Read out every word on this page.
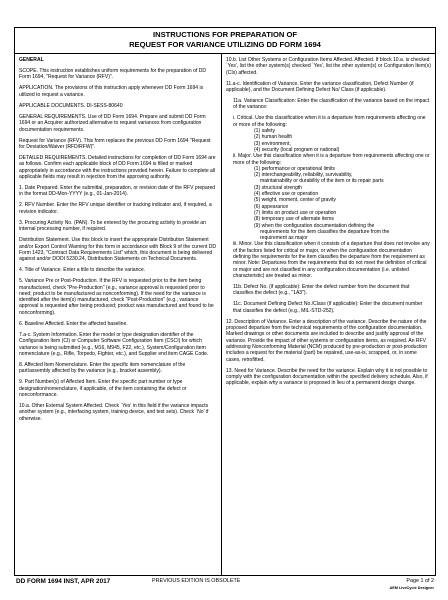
INSTRUCTIONS FOR PREPARATION OF
REQUEST FOR VARIANCE UTILIZING DD FORM 1694

GENERAL

SCOPE. This instruction establishes uniform requirements for the preparation of DD Form 1694, "Request for Variance (RFV)".

APPLICATION. The provisions of this instruction apply whenever DD Form 1694 is utilized to request a variance.

APPLICABLE DOCUMENTS. DI-SESS-80640

GENERAL REQUIREMENTS. Use of DD Form 1694. Prepare and submit DD Form 1694 or an Acquirer authorized alternative to request variances from configuration documentation requirements.

Request for Variance (RFV). This form replaces the previous DD Form 1694 "Request for Deviation/Waiver (RFD/RFW)".

DETAILED REQUIREMENTS. Detailed instructions for completion of DD Form 1694 are as follows. Confirm each applicable block of DD Form 1694 is filled or marked appropriately in accordance with the instructions provided herein. Failure to complete all applicable fields may result in rejection from the approving authority.

1. Date Prepared. Enter the submittal, preparation, or revision date of the RFV prepared in the format DD-Mon-YYYY (e.g., 01-Jan-2014).

2. RFV Number. Enter the RFV unique identifier or tracking indicator and, if required, a revision indicator.

3. Procuring Activity No. (PAN). To be entered by the procuring activity to provide an internal processing number, if required.

Distribution Statement. Use this block to insert the appropriate Distribution Statement and/or Export Control Warning for this form in accordance with Block 9 of the current DD Form 1423, "Contract Data Requirements List" which, this document is being delivered against and/or DODI 5230.24, Distribution Statements on Technical Documents.

4. Title of Variance. Enter a title to describe the variance.

5. Variance Pre or Post-Production. If the RFV is requested prior to the item being manufactured, check "Pre-Production" (e.g., variance approval is requested prior to need; product to be manufactured as nonconforming). If the need for the variance is identified after the item(s) manufactured, check "Post-Production" (e.g., variance approval is requested after being produced; product was manufactured and found to be nonconforming).

6. Baseline Affected. Enter the affected baseline.

7.a-c. System Information. Enter the model or type designation identifier of the Configuration Item (CI) or Computer Software Configuration Item (CSCI) for which variance is being submitted (e.g., M16, M945, F22, etc.), System/Configuration item nomenclature (e.g., Rifle, Torpedo, Fighter, etc.), and Supplier end item CAGE Code.

8. Affected Item Nomenclature. Enter the specific item nomenclature of the part/assembly affected by the variance (e.g., bracket assembly).

9. Part Number(s) of Affected Item. Enter the specific part number or type designation/nomenclature, if applicable, of the item containing the defect or nonconformance.

10.a. Other External System Affected. Check `Yes' in this field if the variance impacts another system (e.g., interfacing system, training device, and test sets). Check `No' if otherwise.

10.b. List Other Systems or Configuration Items Affected. Affected. If block 10.a. is checked `Yes', list the other system(s) checked `Yes', list the other system(s) or Configuration Item(s) (CIs) affected.

11.a-c. Identification of Variance. Enter the variance classification, Defect Number (if applicable), and the Document Defining Defect No/ Class (if applicable).

11a. Variance Classification: Enter the classification of the variance based on the impact of the variance:

i. Critical. Use this classification when it is a departure from requirements affecting one or more of the following:

(1) safety

(2) human health

(3) environment,

(4) security (local program or national)

ii. Major. Use this classification when it is a departure from requirements affecting one or more of the following:

(1) performance or operational limits

(2) interchangeability, reliability, survivability,

maintainability or durability of the item or its repair parts

(3) structural strength

(4) effective use or operation

(5) weight, moment, center of gravity

(6) appearance

(7) limits on product use or operation

(8) temporary use of alternate items

(9) when the configuration documentation defining the

requirements for the item classifies the departure from the

requirement as major

iii. Minor. Use this classification when it consists of a departure that does not involve any of the factors listed for critical or major, or when the configuration documentation defining the requirements for the item classifies the departure from the requirement as minor. Note: Departures from the requirements that do not meet the definition of critical or major and are not classified in any configuration documentation (i.e. unlisted characteristic) are treated as minor.

11b. Defect No. (if applicable): Enter the defect number from the document that classifies the defect (e.g., "1A3").

11c. Document Defining Defect No./Class (if applicable): Enter the document number that classifies the defect (e.g., MIL-STD-252).

12. Description of Variance. Enter a description of the variance. Describe the nature of the proposed departure from the technical requirements of the configuration documentation. Marked drawings or other documents are included to describe and justify approval of the variance. Provide the impact of other systems or configuration items, as required. An RFV addressing Nonconforming Material (NCM) produced by pre-production or post-production includes a request for the material (part) be repaired, use-as-is, scrapped, or, in some cases, retrofitted.

13. Need for Variance. Describe the need for the variance. Explain why it is not possible to comply with the configuration documentation within the specified delivery schedule. Also, if applicable, explain why a variance is proposed in lieu of a permanent design change.

DD FORM 1694 INST, APR 2017	PREVIOUS EDITION IS OBSOLETE	Page 1 of 2
AEM LiveCycle Designer
